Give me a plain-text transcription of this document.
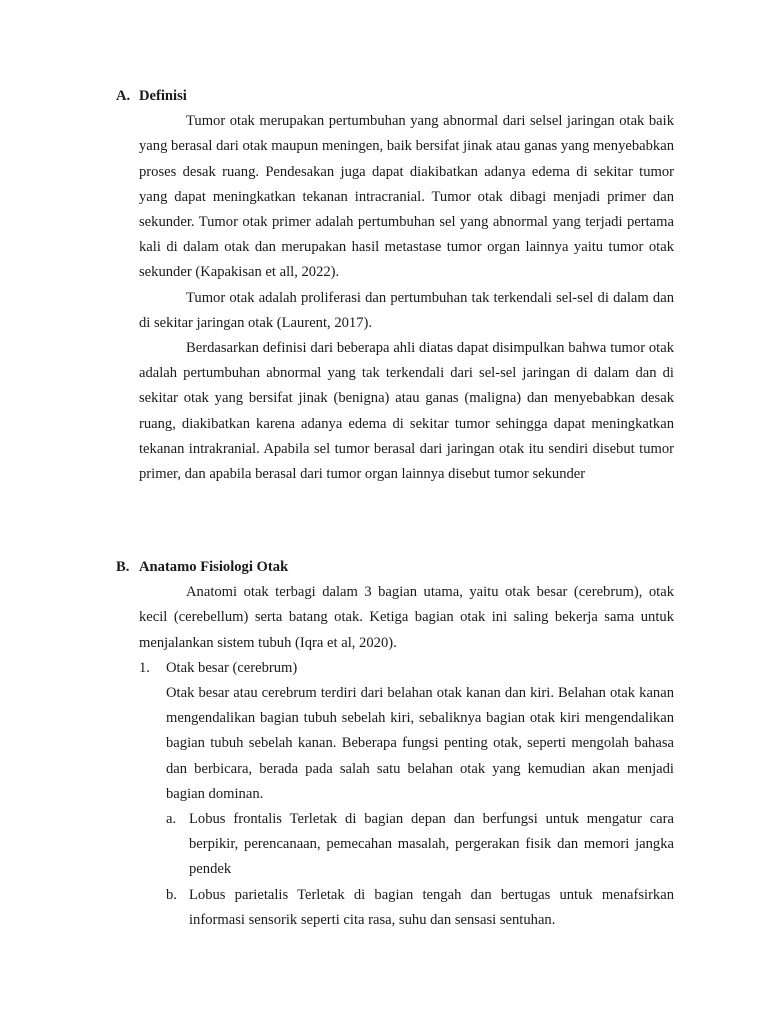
A. Definisi

Tumor otak merupakan pertumbuhan yang abnormal dari selsel jaringan otak baik yang berasal dari otak maupun meningen, baik bersifat jinak atau ganas yang menyebabkan proses desak ruang. Pendesakan juga dapat diakibatkan adanya edema di sekitar tumor yang dapat meningkatkan tekanan intracranial. Tumor otak dibagi menjadi primer dan sekunder. Tumor otak primer adalah pertumbuhan sel yang abnormal yang terjadi pertama kali di dalam otak dan merupakan hasil metastase tumor organ lainnya yaitu tumor otak sekunder (Kapakisan et all, 2022).

Tumor otak adalah proliferasi dan pertumbuhan tak terkendali sel-sel di dalam dan di sekitar jaringan otak (Laurent, 2017).

Berdasarkan definisi dari beberapa ahli diatas dapat disimpulkan bahwa tumor otak adalah pertumbuhan abnormal yang tak terkendali dari sel-sel jaringan di dalam dan di sekitar otak yang bersifat jinak (benigna) atau ganas (maligna) dan menyebabkan desak ruang, diakibatkan karena adanya edema di sekitar tumor sehingga dapat meningkatkan tekanan intrakranial. Apabila sel tumor berasal dari jaringan otak itu sendiri disebut tumor primer, dan apabila berasal dari tumor organ lainnya disebut tumor sekunder

B. Anatamo Fisiologi Otak

Anatomi otak terbagi dalam 3 bagian utama, yaitu otak besar (cerebrum), otak kecil (cerebellum) serta batang otak. Ketiga bagian otak ini saling bekerja sama untuk menjalankan sistem tubuh (Iqra et al, 2020).

1.	Otak besar (cerebrum)

Otak besar atau cerebrum terdiri dari belahan otak kanan dan kiri. Belahan otak kanan mengendalikan bagian tubuh sebelah kiri, sebaliknya bagian otak kiri mengendalikan bagian tubuh sebelah kanan. Beberapa fungsi penting otak, seperti mengolah bahasa dan berbicara, berada pada salah satu belahan otak yang kemudian akan menjadi bagian dominan.

a. Lobus frontalis Terletak di bagian depan dan berfungsi untuk mengatur cara berpikir, perencanaan, pemecahan masalah, pergerakan fisik dan memori jangka pendek
b. Lobus parietalis Terletak di bagian tengah dan bertugas untuk menafsirkan informasi sensorik seperti cita rasa, suhu dan sensasi sentuhan.
